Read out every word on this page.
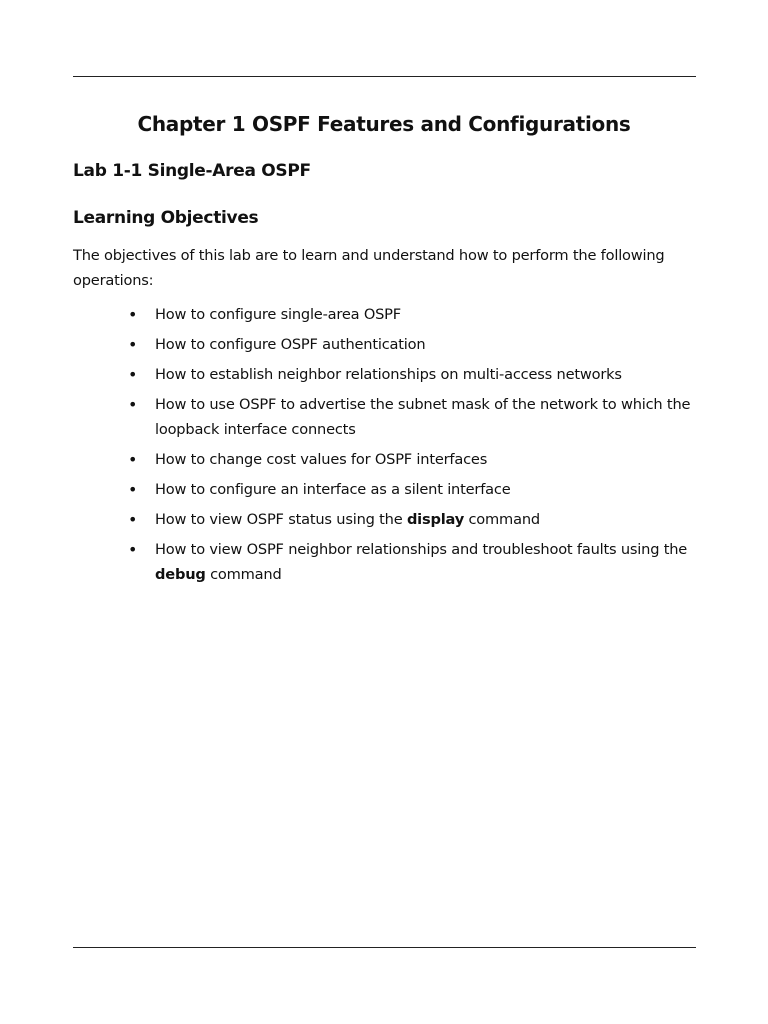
Chapter 1 OSPF Features and Configurations
Lab 1-1 Single-Area OSPF
Learning Objectives

The objectives of this lab are to learn and understand how to perform the following operations:

• How to configure single-area OSPF
• How to configure OSPF authentication
• How to establish neighbor relationships on multi-access networks
• How to use OSPF to advertise the subnet mask of the network to which the loopback interface connects
• How to change cost values for OSPF interfaces
• How to configure an interface as a silent interface
• How to view OSPF status using the display command
• How to view OSPF neighbor relationships and troubleshoot faults using the debug command
